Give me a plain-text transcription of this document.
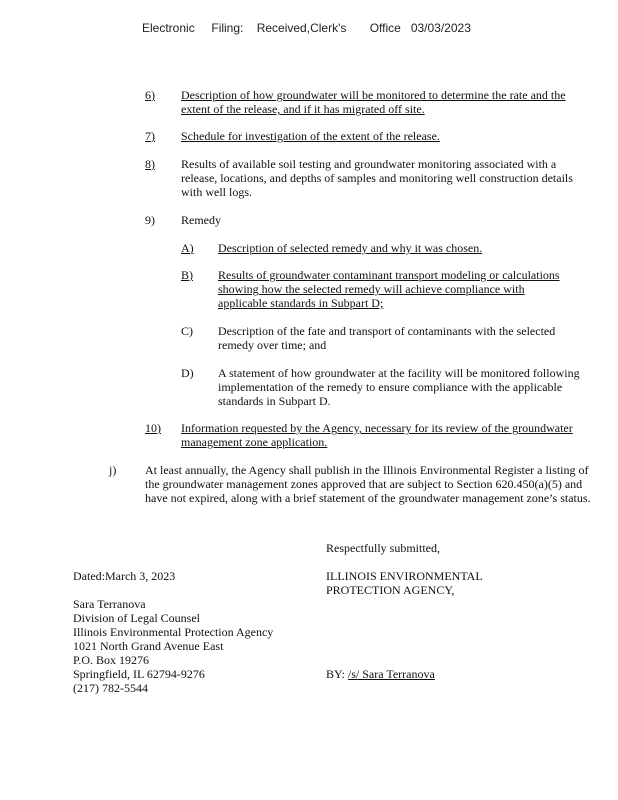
Electronic     Filing:    Received,Clerk's       Office   03/03/2023
6)	Description of how groundwater will be monitored to determine the rate and the extent of the release, and if it has migrated off site.
7)	Schedule for investigation of the extent of the release.
8)	Results of available soil testing and groundwater monitoring associated with a release, locations, and depths of samples and monitoring well construction details with well logs.
9)	Remedy
A)	Description of selected remedy and why it was chosen.
B)	Results of groundwater contaminant transport modeling or calculations showing how the selected remedy will achieve compliance with applicable standards in Subpart D;
C)	Description of the fate and transport of contaminants with the selected remedy over time; and
D)	A statement of how groundwater at the facility will be monitored following implementation of the remedy to ensure compliance with the applicable standards in Subpart D.
10)	Information requested by the Agency, necessary for its review of the groundwater management zone application.
j)	At least annually, the Agency shall publish in the Illinois Environmental Register a listing of the groundwater management zones approved that are subject to Section 620.450(a)(5) and have not expired, along with a brief statement of the groundwater management zone’s status.
Respectfully submitted,
Dated:March 3, 2023	ILLINOIS ENVIRONMENTAL
PROTECTION AGENCY,
Sara Terranova
Division of Legal Counsel
Illinois Environmental Protection Agency
1021 North Grand Avenue East
P.O. Box 19276
Springfield, IL 62794-9276
(217) 782-5544
BY: /s/ Sara Terranova
